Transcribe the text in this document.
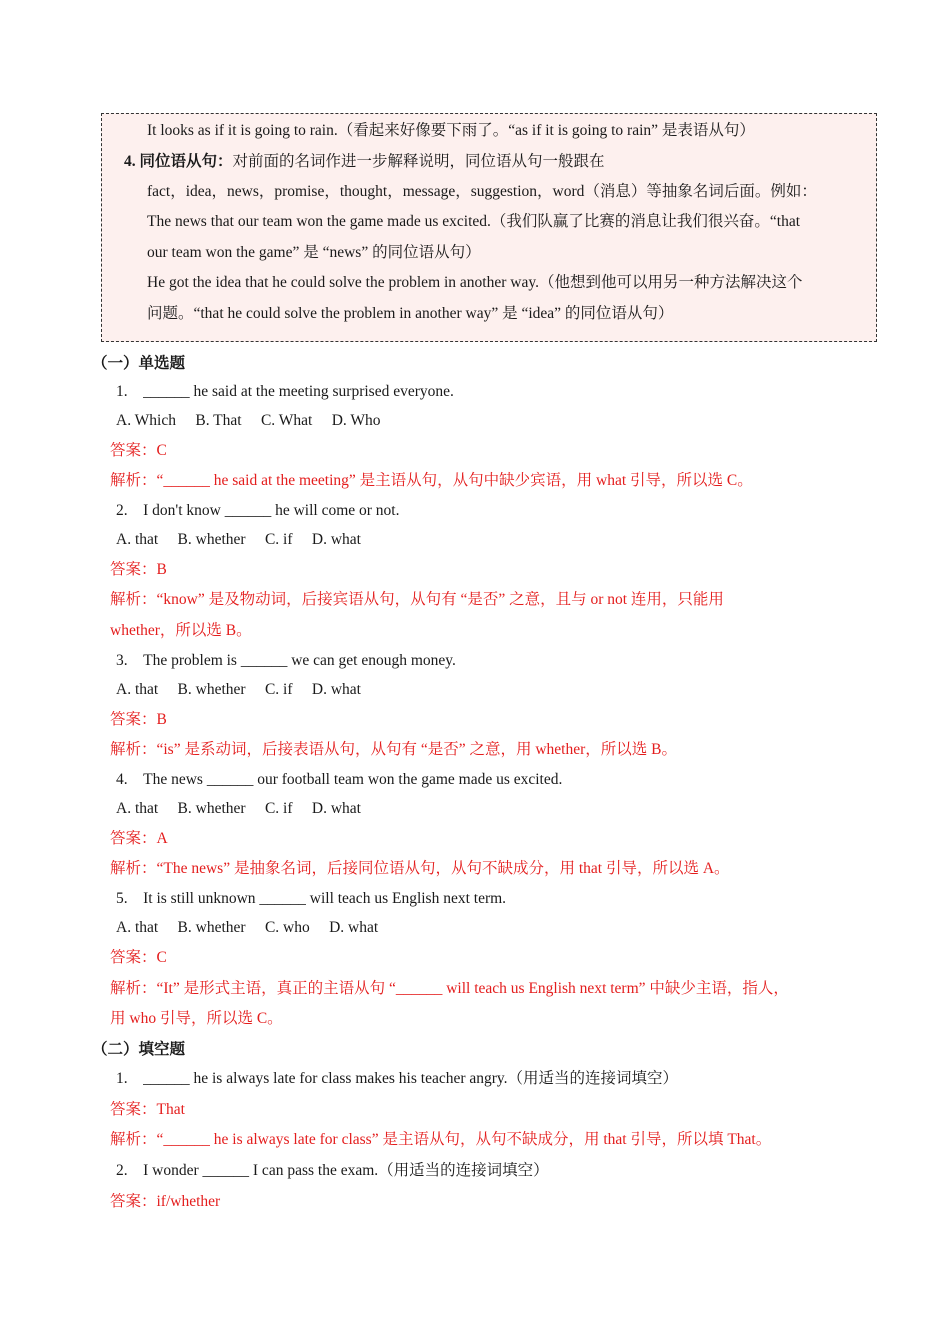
It looks as if it is going to rain.（看起来好像要下雨了。“as if it is going to rain” 是表语从句）
4. 同位语从句：对前面的名词作进一步解释说明，同位语从句一般跟在
fact，idea，news，promise，thought，message，suggestion，word（消息）等抽象名词后面。例如：
The news that our team won the game made us excited.（我们队赢了比赛的消息让我们很兴奋。“that
our team won the game” 是 “news” 的同位语从句）
He got the idea that he could solve the problem in another way.（他想到他可以用另一种方法解决这个
问题。“that he could solve the problem in another way” 是 “idea” 的同位语从句）
（一）单选题
1.　______ he said at the meeting surprised everyone.
A. Which　 B. That　 C. What　 D. Who
答案：C
解析：“______ he said at the meeting” 是主语从句，从句中缺少宾语，用 what 引导，所以选 C。
2.　I don't know ______ he will come or not.
A. that　 B. whether　 C. if　 D. what
答案：B
解析：“know” 是及物动词，后接宾语从句，从句有 “是否” 之意，且与 or not 连用，只能用
whether，所以选 B。
3.　The problem is ______ we can get enough money.
A. that　 B. whether　 C. if　 D. what
答案：B
解析：“is” 是系动词，后接表语从句，从句有 “是否” 之意，用 whether，所以选 B。
4.　The news ______ our football team won the game made us excited.
A. that　 B. whether　 C. if　 D. what
答案：A
解析：“The news” 是抽象名词，后接同位语从句，从句不缺成分，用 that 引导，所以选 A。
5.　It is still unknown ______ will teach us English next term.
A. that　 B. whether　 C. who　 D. what
答案：C
解析：“It” 是形式主语，真正的主语从句 “______ will teach us English next term” 中缺少主语，指人，
用 who 引导，所以选 C。
（二）填空题
1.　______ he is always late for class makes his teacher angry.（用适当的连接词填空）
答案：That
解析：“______ he is always late for class” 是主语从句，从句不缺成分，用 that 引导，所以填 That。
2.　I wonder ______ I can pass the exam.（用适当的连接词填空）
答案：if/whether
